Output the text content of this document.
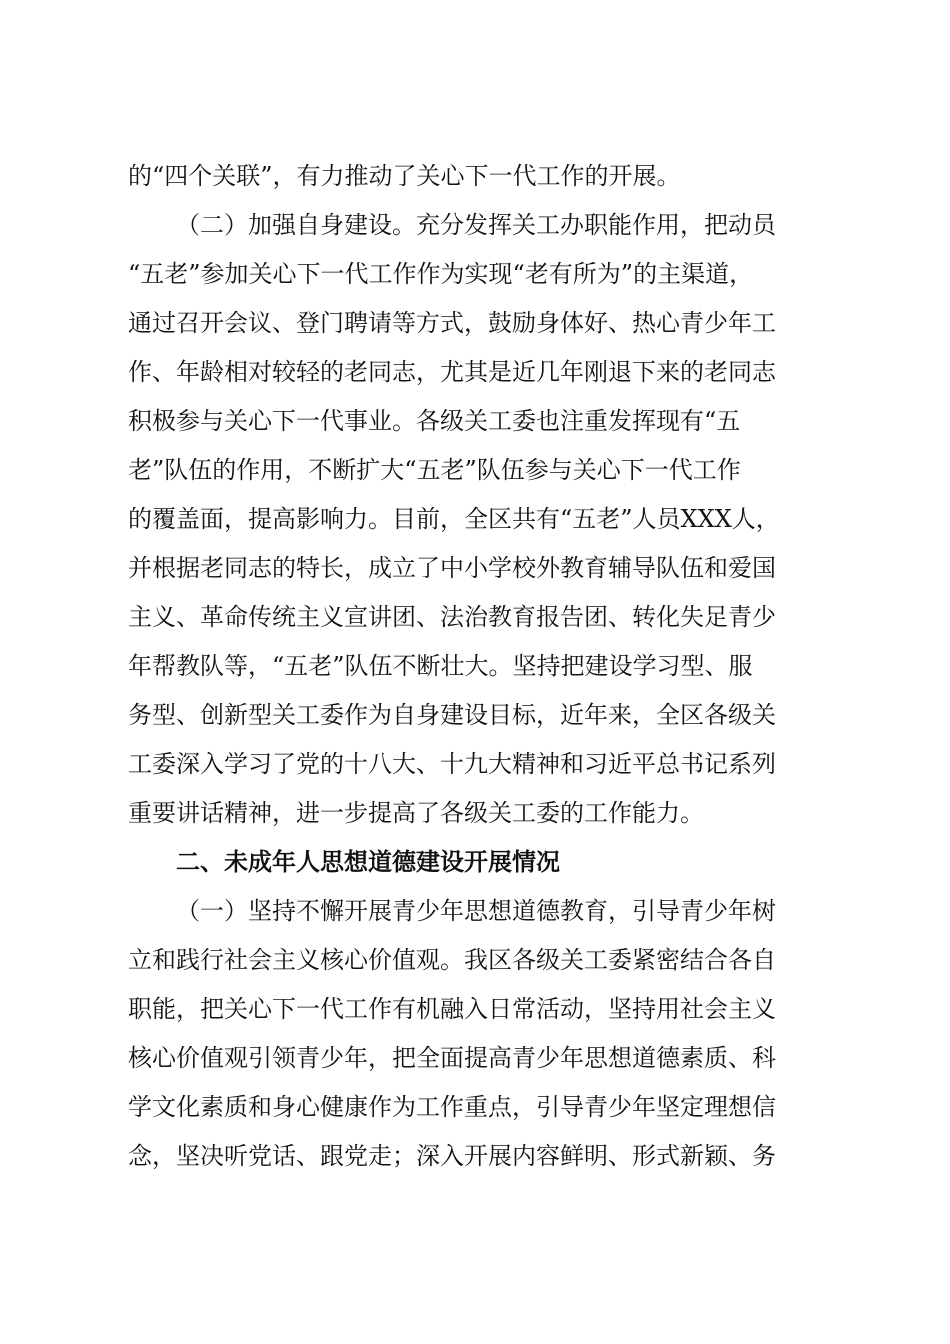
的“四个关联”，有力推动了关心下一代工作的开展。
（二）加强自身建设。充分发挥关工办职能作用，把动员
“五老”参加关心下一代工作作为实现“老有所为”的主渠道，
通过召开会议、登门聘请等方式，鼓励身体好、热心青少年工
作、年龄相对较轻的老同志，尤其是近几年刚退下来的老同志
积极参与关心下一代事业。各级关工委也注重发挥现有“五
老”队伍的作用，不断扩大“五老”队伍参与关心下一代工作
的覆盖面，提高影响力。目前，全区共有“五老”人员XXX人，
并根据老同志的特长，成立了中小学校外教育辅导队伍和爱国
主义、革命传统主义宣讲团、法治教育报告团、转化失足青少
年帮教队等，“五老”队伍不断壮大。坚持把建设学习型、服
务型、创新型关工委作为自身建设目标，近年来，全区各级关
工委深入学习了党的十八大、十九大精神和习近平总书记系列
重要讲话精神，进一步提高了各级关工委的工作能力。
二、未成年人思想道德建设开展情况
（一）坚持不懈开展青少年思想道德教育，引导青少年树
立和践行社会主义核心价值观。我区各级关工委紧密结合各自
职能，把关心下一代工作有机融入日常活动，坚持用社会主义
核心价值观引领青少年，把全面提高青少年思想道德素质、科
学文化素质和身心健康作为工作重点，引导青少年坚定理想信
念，坚决听党话、跟党走；深入开展内容鲜明、形式新颖、务
